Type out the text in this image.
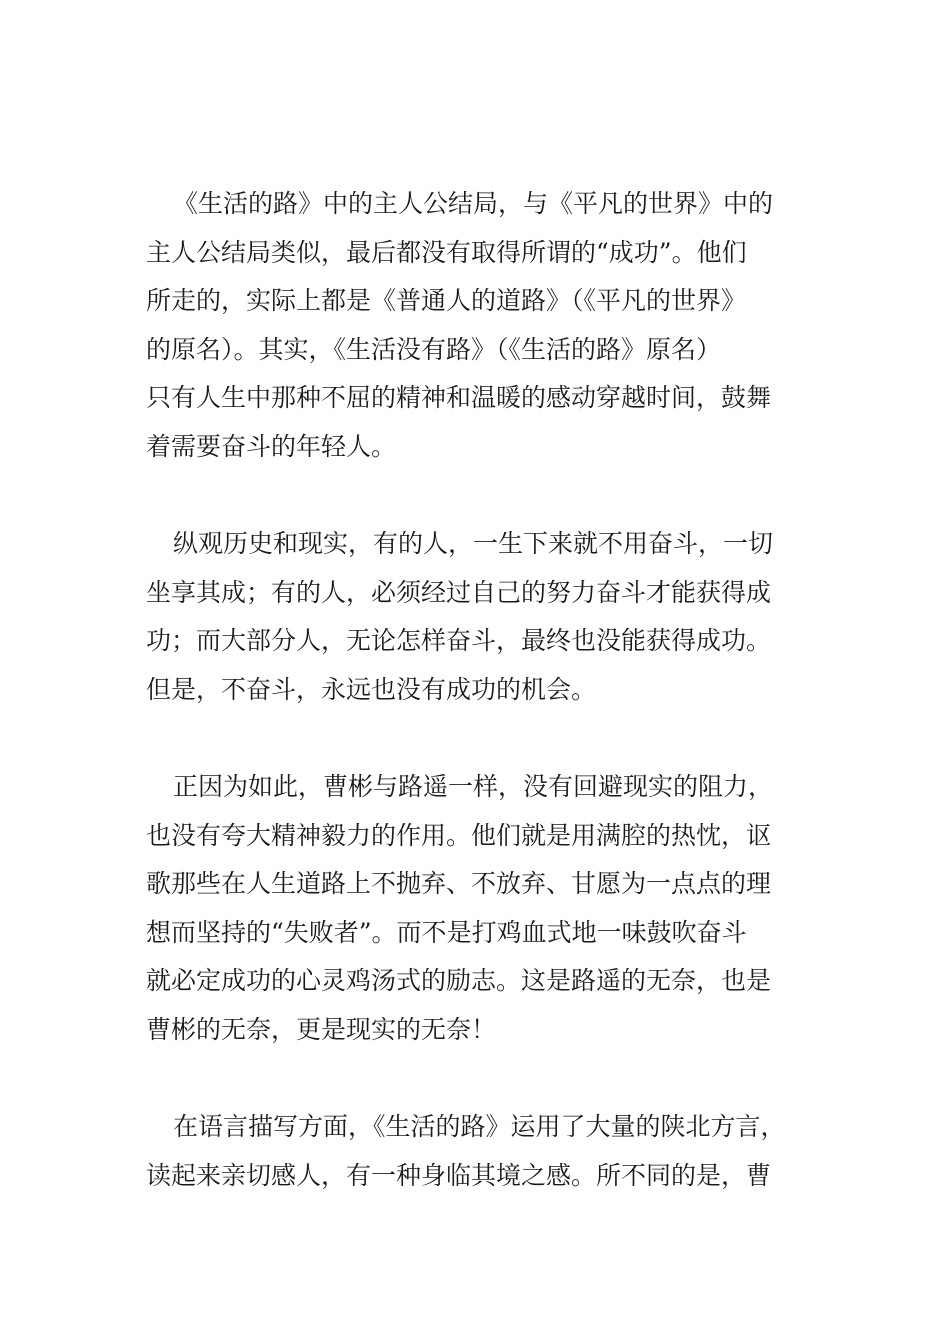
《生活的路》中的主人公结局，与《平凡的世界》中的
主人公结局类似，最后都没有取得所谓的“成功”。他们
所走的，实际上都是《普通人的道路》（《平凡的世界》
的原名）。其实，《生活没有路》（《生活的路》原名）
只有人生中那种不屈的精神和温暖的感动穿越时间，鼓舞
着需要奋斗的年轻人。

纵观历史和现实，有的人，一生下来就不用奋斗，一切
坐享其成；有的人，必须经过自己的努力奋斗才能获得成
功；而大部分人，无论怎样奋斗，最终也没能获得成功。
但是，不奋斗，永远也没有成功的机会。

正因为如此，曹彬与路遥一样，没有回避现实的阻力，
也没有夸大精神毅力的作用。他们就是用满腔的热忱，讴
歌那些在人生道路上不抛弃、不放弃、甘愿为一点点的理
想而坚持的“失败者”。而不是打鸡血式地一味鼓吹奋斗
就必定成功的心灵鸡汤式的励志。这是路遥的无奈，也是
曹彬的无奈，更是现实的无奈！

在语言描写方面，《生活的路》运用了大量的陕北方言，
读起来亲切感人，有一种身临其境之感。所不同的是，曹
